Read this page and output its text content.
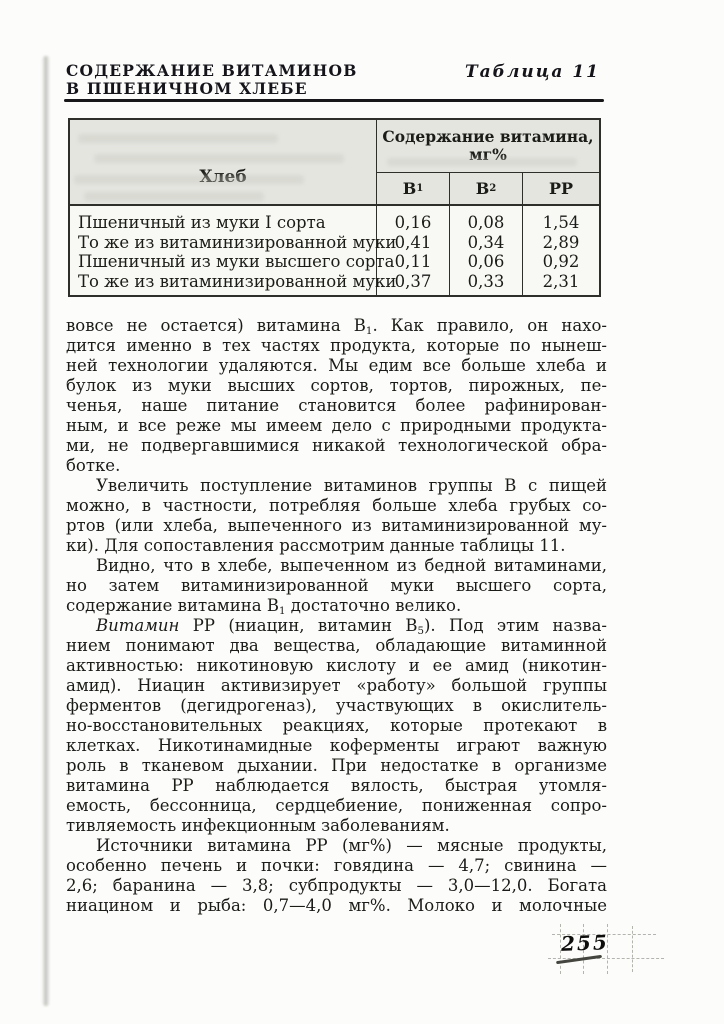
СОДЕРЖАНИЕ ВИТАМИНОВ
В ПШЕНИЧНОМ ХЛЕБЕ
Таблица 11
Хлеб
Содержание витамина,
мг%
В 1	В 2	РР
Пшеничный из муки I сорта
То же из витаминизированной муки
Пшеничный из муки высшего сорта
То же из витаминизированной муки
0,16
0,41
0,11
0,37
0,08
0,34
0,06
0,33
1,54
2,89
0,92
2,31
вовсе не остается) витамина В1. Как правило, он нахо-
дится именно в тех частях продукта, которые по нынеш-
ней технологии удаляются. Мы едим все больше хлеба и
булок из муки высших сортов, тортов, пирожных, пе-
ченья, наше питание становится более рафинирован-
ным, и все реже мы имеем дело с природными продукта-
ми, не подвергавшимися никакой технологической обра-
ботке.
Увеличить поступление витаминов группы В с пищей
можно, в частности, потребляя больше хлеба грубых со-
ртов (или хлеба, выпеченного из витаминизированной му-
ки). Для сопоставления рассмотрим данные таблицы 11.
Видно, что в хлебе, выпеченном из бедной витаминами,
но затем витаминизированной муки высшего сорта,
содержание витамина В1 достаточно велико.
Витамин РР (ниацин, витамин В5). Под этим назва-
нием понимают два вещества, обладающие витаминной
активностью: никотиновую кислоту и ее амид (никотин-
амид). Ниацин активизирует «работу» большой группы
ферментов (дегидрогеназ), участвующих в окислитель-
но-восстановительных реакциях, которые протекают в
клетках. Никотинамидные коферменты играют важную
роль в тканевом дыхании. При недостатке в организме
витамина РР наблюдается вялость, быстрая утомля-
емость, бессонница, сердцебиение, пониженная сопро-
тивляемость инфекционным заболеваниям.
Источники витамина РР (мг%) — мясные продукты,
особенно печень и почки: говядина — 4,7; свинина —
2,6; баранина — 3,8; субпродукты — 3,0—12,0. Богата
ниацином и рыба: 0,7—4,0 мг%. Молоко и молочные
255
